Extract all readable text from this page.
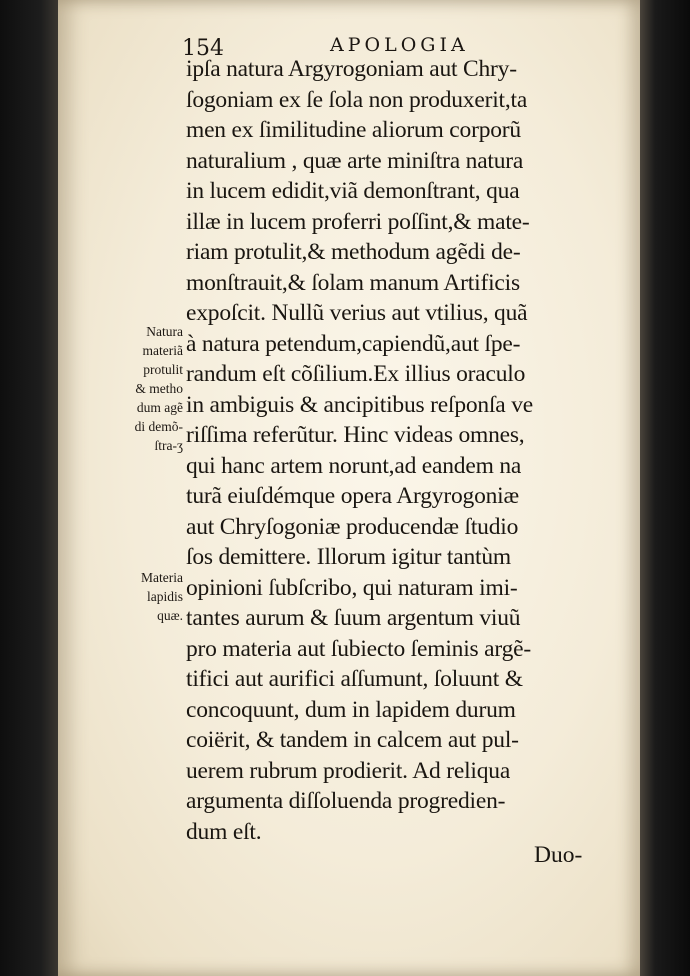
154	APOLOGIA
ipſa natura Argyrogoniam aut Chry-
ſogoniam ex ſe ſola non produxerit,ta
men ex ſimilitudine aliorum corporũ
naturalium , quæ arte miniſtra natura
in lucem edidit,viã demonſtrant, qua
illæ in lucem proferri poſſint,& mate-
riam protulit,& methodum agẽdi de-
monſtrauit,& ſolam manum Artificis
expoſcit. Nullũ verius aut vtilius, quã
à natura petendum,capiendũ,aut ſpe-
randum eſt cõſilium.Ex illius oraculo
in ambiguis & ancipitibus reſponſa ve
riſſima referũtur. Hinc videas omnes,
qui hanc artem norunt,ad eandem na
turã eiuſdémque opera Argyrogoniæ
aut Chryſogoniæ producendæ ſtudio
ſos demittere. Illorum igitur tantùm
opinioni ſubſcribo, qui naturam imi-
tantes aurum & ſuum argentum viuũ
pro materia aut ſubiecto ſeminis argẽ-
tifici aut aurifici aſſumunt, ſoluunt &
concoquunt, dum in lapidem durum
coiërit, & tandem in calcem aut pul-
uerem rubrum prodierit. Ad reliqua
argumenta diſſoluenda progredien-
dum eſt.
Natura
materiã
protulit
& metho
dum agẽ
di demõ-
ſtra-ʒ
Materia
lapidis
quæ.
Duo-
